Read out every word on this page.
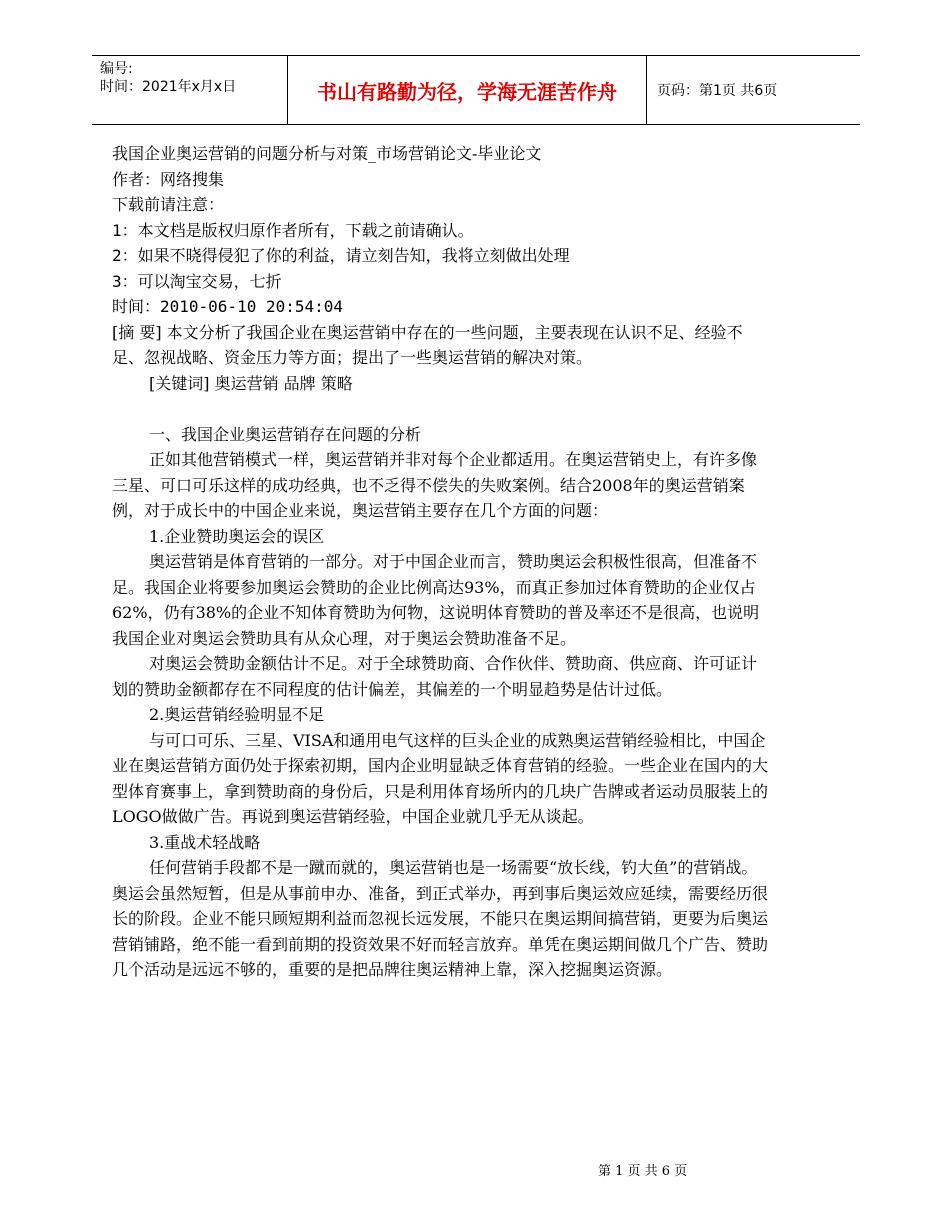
编号:
时间：2021年x月x日	书山有路勤为径，学海无涯苦作舟	页码：第1页 共6页

我国企业奥运营销的问题分析与对策_市场营销论文-毕业论文

作者：网络搜集

下载前请注意：

1：本文档是版权归原作者所有，下载之前请确认。

2：如果不晓得侵犯了你的利益，请立刻告知，我将立刻做出处理

3：可以淘宝交易，七折

时间：2010-06-10 20:54:04

[摘 要] 本文分析了我国企业在奥运营销中存在的一些问题，主要表现在认识不足、经验不足、忽视战略、资金压力等方面；提出了一些奥运营销的解决对策。

[关键词] 奥运营销 品牌 策略

一、我国企业奥运营销存在问题的分析

正如其他营销模式一样，奥运营销并非对每个企业都适用。在奥运营销史上，有许多像三星、可口可乐这样的成功经典，也不乏得不偿失的失败案例。结合2008年的奥运营销案例，对于成长中的中国企业来说，奥运营销主要存在几个方面的问题：

1.企业赞助奥运会的误区

奥运营销是体育营销的一部分。对于中国企业而言，赞助奥运会积极性很高，但准备不足。我国企业将要参加奥运会赞助的企业比例高达93%，而真正参加过体育赞助的企业仅占62%，仍有38%的企业不知体育赞助为何物，这说明体育赞助的普及率还不是很高，也说明我国企业对奥运会赞助具有从众心理，对于奥运会赞助准备不足。

对奥运会赞助金额估计不足。对于全球赞助商、合作伙伴、赞助商、供应商、许可证计划的赞助金额都存在不同程度的估计偏差，其偏差的一个明显趋势是估计过低。

2.奥运营销经验明显不足

与可口可乐、三星、VISA和通用电气这样的巨头企业的成熟奥运营销经验相比，中国企业在奥运营销方面仍处于探索初期，国内企业明显缺乏体育营销的经验。一些企业在国内的大型体育赛事上，拿到赞助商的身份后，只是利用体育场所内的几块广告牌或者运动员服装上的LOGO做做广告。再说到奥运营销经验，中国企业就几乎无从谈起。

3.重战术轻战略

任何营销手段都不是一蹴而就的，奥运营销也是一场需要“放长线，钓大鱼”的营销战。奥运会虽然短暂，但是从事前申办、准备，到正式举办，再到事后奥运效应延续，需要经历很长的阶段。企业不能只顾短期利益而忽视长远发展，不能只在奥运期间搞营销，更要为后奥运营销铺路，绝不能一看到前期的投资效果不好而轻言放弃。单凭在奥运期间做几个广告、赞助几个活动是远远不够的，重要的是把品牌往奥运精神上靠，深入挖掘奥运资源。

第 1 页 共 6 页
